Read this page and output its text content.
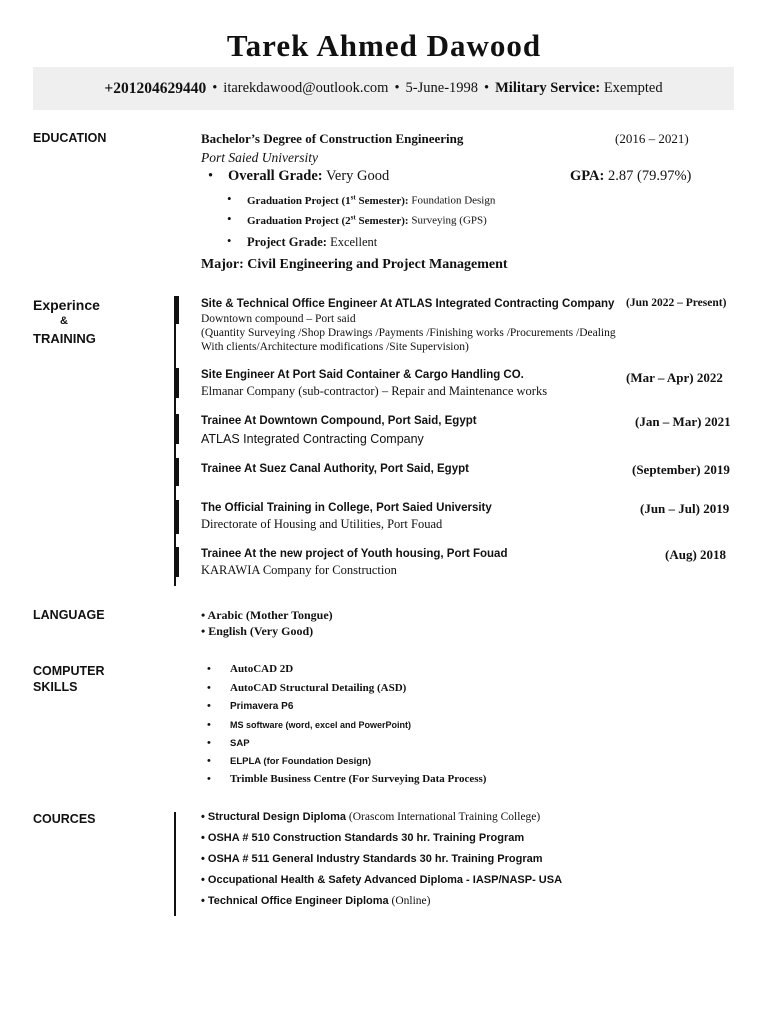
Tarek Ahmed Dawood
+201204629440 • itarekdawood@outlook.com • 5-June-1998 • Military Service:
Exempted
EDUCATION	Bachelor’s Degree of Construction Engineering	(2016 – 2021)
Port Saied University
• Overall Grade: Very Good	GPA: 2.87 (79.97%)
• Graduation Project (1st Semester): Foundation Design
• Graduation Project (2st Semester): Surveying (GPS)
• Project Grade: Excellent
Major: Civil Engineering and Project Management
Experince
&
TRAINING
Site & Technical Office Engineer At ATLAS Integrated Contracting Company (Jun 2022 – Present)
Downtown compound – Port said
(Quantity Surveying /Shop Drawings /Payments /Finishing works /Procurements /Dealing
With clients/Architecture modifications /Site Supervision)
Site Engineer At Port Said Container & Cargo Handling CO.	(Mar – Apr) 2022
Elmanar Company (sub-contractor) – Repair and Maintenance works
Trainee At Downtown Compound, Port Said, Egypt	(Jan – Mar) 2021
ATLAS Integrated Contracting Company
Trainee At Suez Canal Authority, Port Said, Egypt	(September) 2019
The Official Training in College, Port Saied University	(Jun – Jul) 2019
Directorate of Housing and Utilities, Port Fouad
Trainee At the new project of Youth housing, Port Fouad	(Aug) 2018
KARAWIA Company for Construction
LANGUAGE	• Arabic (Mother Tongue)
• English (Very Good)
COMPUTER
SKILLS
• AutoCAD 2D
• AutoCAD Structural Detailing (ASD)
• Primavera P6
• MS software (word, excel and PowerPoint)
• SAP
• ELPLA (for Foundation Design)
• Trimble Business Centre (For Surveying Data Process)
COURCES	• Structural Design Diploma (Orascom International Training College)
• OSHA # 510 Construction Standards 30 hr. Training Program
• OSHA # 511 General Industry Standards 30 hr. Training Program
• Occupational Health & Safety Advanced Diploma - IASP/NASP- USA
• Technical Office Engineer Diploma (Online)
